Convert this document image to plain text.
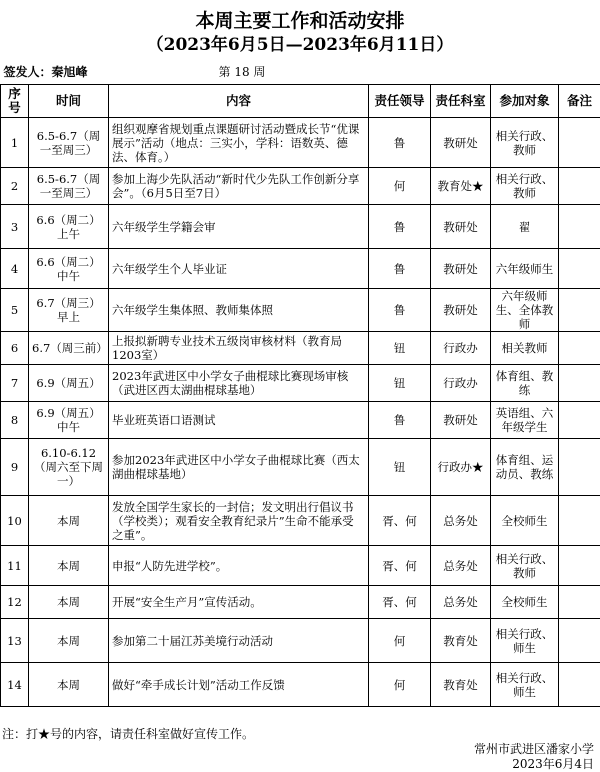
本周主要工作和活动安排
（2023年6月5日—2023年6月11日）
签发人：秦旭峰		第 18 周				
序号	时间	内容	责任领导	责任科室	参加对象	备注
1	6.5-6.7（周一至周三）	组织观摩省规划重点课题研讨活动暨成长节“优课展示”活动（地点：三实小，学科：语数英、德法、体育。）	鲁	教研处	相关行政、教师	
2	6.5-6.7（周一至周三）	参加上海少先队活动“新时代少先队工作创新分享会”。（6月5日至7日）	何	教育处★	相关行政、教师	
3	6.6（周二）上午	六年级学生学籍会审	鲁	教研处	翟	
4	6.6（周二）中午	六年级学生个人毕业证	鲁	教研处	六年级师生	
5	6.7（周三）早上	六年级学生集体照、教师集体照	鲁	教研处	六年级师生、全体教师	
6	6.7（周三前）	上报拟新聘专业技术五级岗审核材料（教育局1203室）	钮	行政办	相关教师	
7	6.9（周五）	2023年武进区中小学女子曲棍球比赛现场审核（武进区西太湖曲棍球基地）	钮	行政办	体育组、教练	
8	6.9（周五）中午	毕业班英语口语测试	鲁	教研处	英语组、六年级学生	
9	6.10-6.12（周六至下周一）	参加2023年武进区中小学女子曲棍球比赛（西太湖曲棍球基地）	钮	行政办★	体育组、运动员、教练	
10	本周	发放全国学生家长的一封信；发文明出行倡议书（学校类）；观看安全教育纪录片”生命不能承受之重”。	胥、何	总务处	全校师生	
11	本周	申报“人防先进学校”。	胥、何	总务处	相关行政、教师	
12	本周	开展“安全生产月”宣传活动。	胥、何	总务处	全校师生	
13	本周	参加第二十届江苏美境行动活动	何	教育处	相关行政、师生	
14	本周	做好“牵手成长计划”活动工作反馈	何	教育处	相关行政、师生	
注：打★号的内容，请责任科室做好宣传工作。
常州市武进区潘家小学
2023年6月4日
